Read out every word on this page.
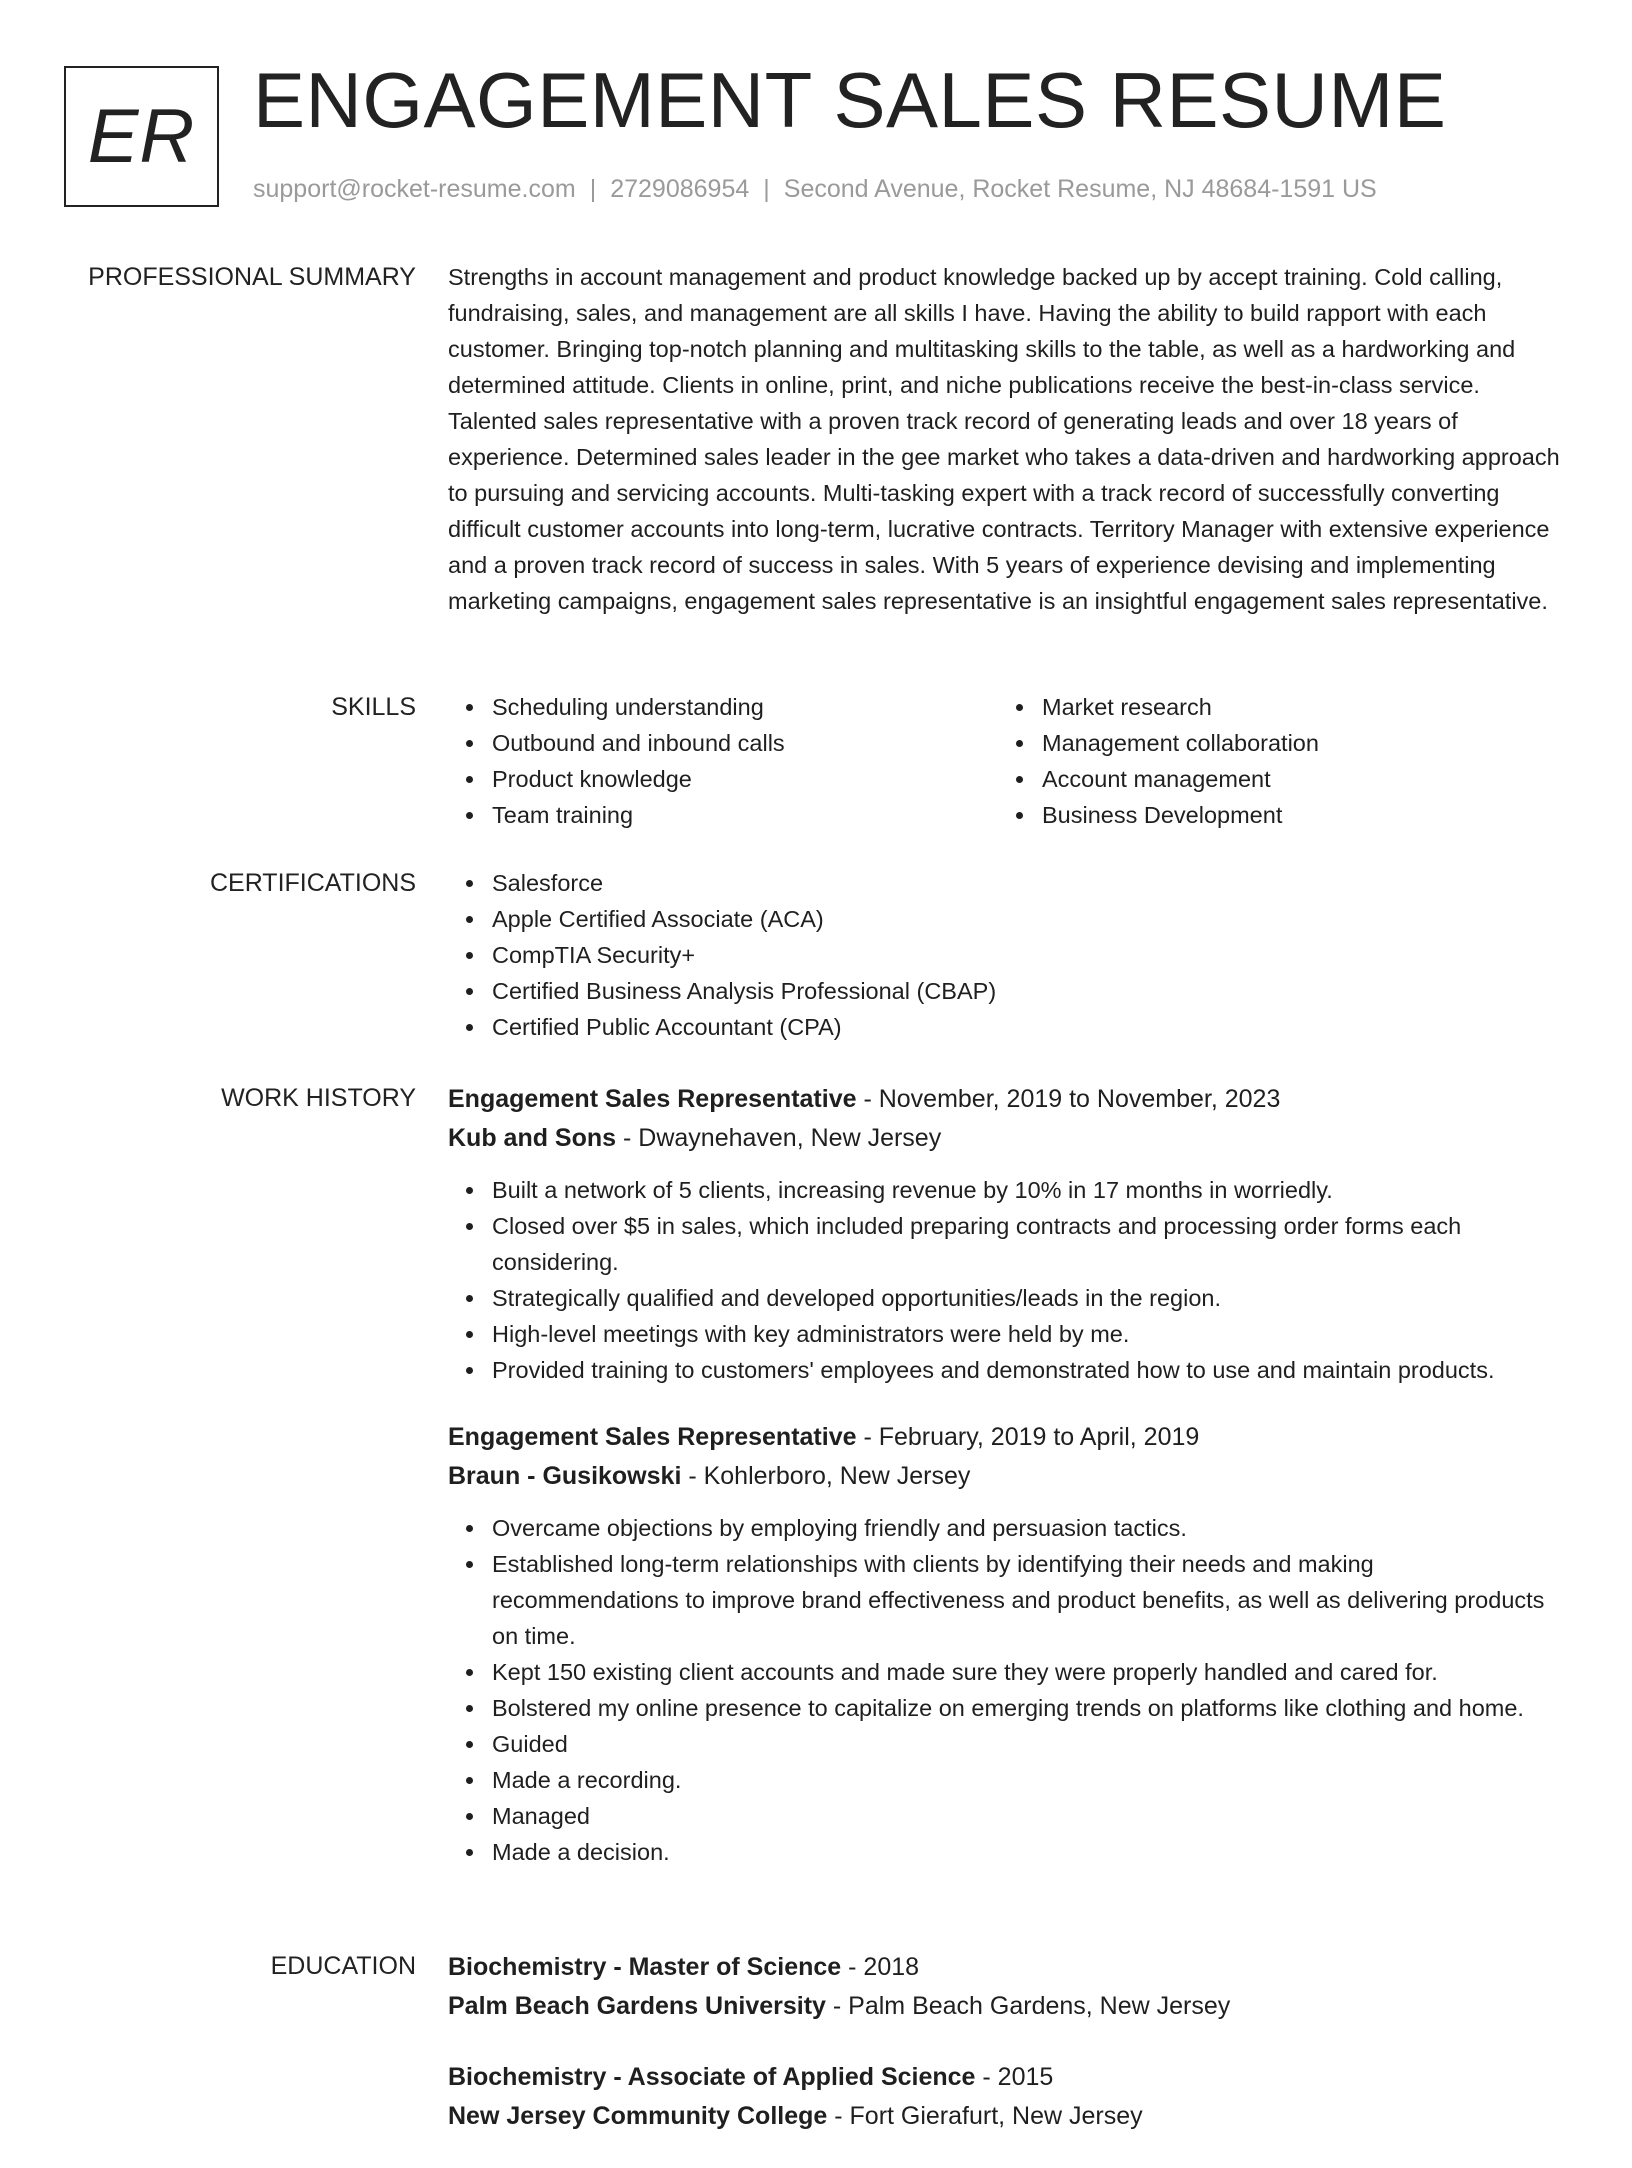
ER ENGAGEMENT SALES RESUME
support@rocket-resume.com | 2729086954 | Second Avenue, Rocket Resume, NJ 48684-1591 US
PROFESSIONAL SUMMARY Strengths in account management and product knowledge backed up by accept training. Cold calling, fundraising, sales, and management are all skills I have. Having the ability to build rapport with each customer. Bringing top-notch planning and multitasking skills to the table, as well as a hardworking and determined attitude. Clients in online, print, and niche publications receive the best-in-class service. Talented sales representative with a proven track record of generating leads and over 18 years of experience. Determined sales leader in the gee market who takes a data-driven and hardworking approach to pursuing and servicing accounts. Multi-tasking expert with a track record of successfully converting difficult customer accounts into long-term, lucrative contracts. Territory Manager with extensive experience and a proven track record of success in sales. With 5 years of experience devising and implementing marketing campaigns, engagement sales representative is an insightful engagement sales representative.

SKILLS	Scheduling understanding
Outbound and inbound calls
Product knowledge
Team training
Market research
Management collaboration
Account management
Business Development
CERTIFICATIONS	Salesforce
Apple Certified Associate (ACA)
CompTIA Security+
Certified Business Analysis Professional (CBAP)
Certified Public Accountant (CPA)
WORK HISTORY Engagement Sales Representative - November, 2019 to November, 2023
Kub and Sons - Dwaynehaven, New Jersey
Built a network of 5 clients, increasing revenue by 10% in 17 months in worriedly.
Closed over $5 in sales, which included preparing contracts and processing order forms each considering.
Strategically qualified and developed opportunities/leads in the region.
High-level meetings with key administrators were held by me.
Provided training to customers' employees and demonstrated how to use and maintain products.
Engagement Sales Representative - February, 2019 to April, 2019
Braun - Gusikowski - Kohlerboro, New Jersey
Overcame objections by employing friendly and persuasion tactics.
Established long-term relationships with clients by identifying their needs and making recommendations to improve brand effectiveness and product benefits, as well as delivering products on time.
Kept 150 existing client accounts and made sure they were properly handled and cared for.
Bolstered my online presence to capitalize on emerging trends on platforms like clothing and home.
Guided
Made a recording.
Managed
Made a decision.
EDUCATION Biochemistry - Master of Science - 2018
Palm Beach Gardens University - Palm Beach Gardens, New Jersey
Biochemistry - Associate of Applied Science - 2015
New Jersey Community College - Fort Gierafurt, New Jersey
